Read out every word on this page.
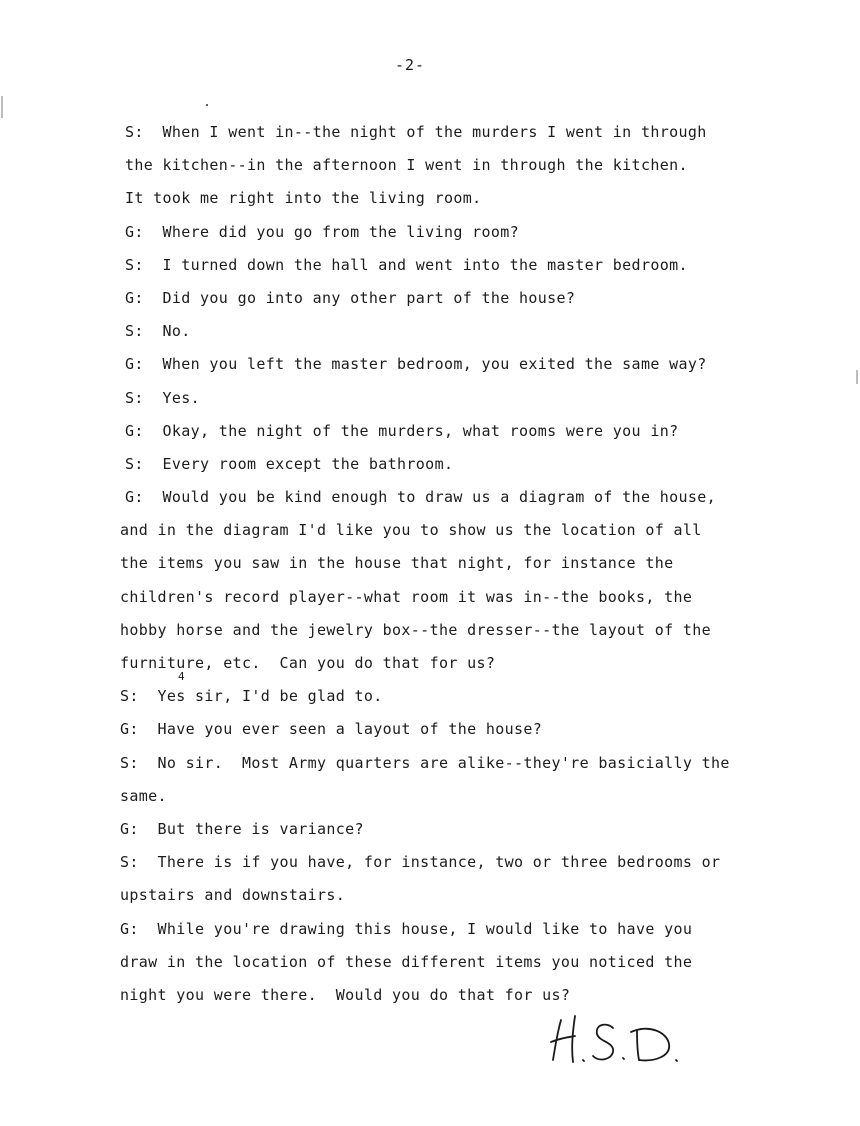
-2-
S:  When I went in--the night of the murders I went in through
the kitchen--in the afternoon I went in through the kitchen.
It took me right into the living room.
G:  Where did you go from the living room?
S:  I turned down the hall and went into the master bedroom.
G:  Did you go into any other part of the house?
S:  No.
G:  When you left the master bedroom, you exited the same way?
S:  Yes.
G:  Okay, the night of the murders, what rooms were you in?
S:  Every room except the bathroom.
G:  Would you be kind enough to draw us a diagram of the house,
and in the diagram I'd like you to show us the location of all
the items you saw in the house that night, for instance the
children's record player--what room it was in--the books, the
hobby horse and the jewelry box--the dresser--the layout of the
furniture, etc.  Can you do that for us?
S:  Yes sir, I'd be glad to.
G:  Have you ever seen a layout of the house?
S:  No sir.  Most Army quarters are alike--they're basicially the
same.
G:  But there is variance?
S:  There is if you have, for instance, two or three bedrooms or
upstairs and downstairs.
G:  While you're drawing this house, I would like to have you
draw in the location of these different items you noticed the
night you were there.  Would you do that for us?
4
